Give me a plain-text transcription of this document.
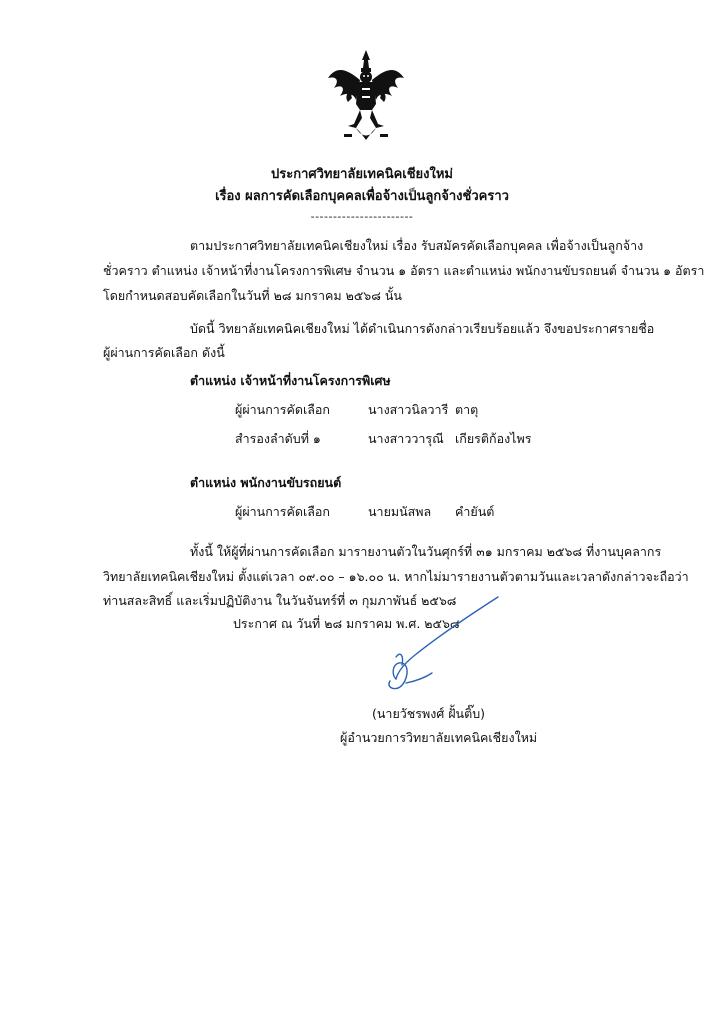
ประกาศวิทยาลัยเทคนิคเชียงใหม่
เรื่อง ผลการคัดเลือกบุคคลเพื่อจ้างเป็นลูกจ้างชั่วคราว
-----------------------
ตามประกาศวิทยาลัยเทคนิคเชียงใหม่ เรื่อง รับสมัครคัดเลือกบุคคล เพื่อจ้างเป็นลูกจ้าง
ชั่วคราว ตำแหน่ง เจ้าหน้าที่งานโครงการพิเศษ จำนวน ๑ อัตรา และตำแหน่ง พนักงานขับรถยนต์ จำนวน ๑ อัตรา
โดยกำหนดสอบคัดเลือกในวันที่ ๒๘ มกราคม ๒๕๖๘ นั้น
บัดนี้ วิทยาลัยเทคนิคเชียงใหม่ ได้ดำเนินการดังกล่าวเรียบร้อยแล้ว จึงขอประกาศรายชื่อ
ผู้ผ่านการคัดเลือก ดังนี้
ตำแหน่ง เจ้าหน้าที่งานโครงการพิเศษ
ผู้ผ่านการคัดเลือก	นางสาวนิลวารี ตาตุ
สำรองลำดับที่ ๑	นางสาววารุณี เกียรติก้องไพร
ตำแหน่ง พนักงานขับรถยนต์
ผู้ผ่านการคัดเลือก	นายมนัสพล คำยันต์
ทั้งนี้ ให้ผู้ที่ผ่านการคัดเลือก มารายงานตัวในวันศุกร์ที่ ๓๑ มกราคม ๒๕๖๘ ที่งานบุคลากร
วิทยาลัยเทคนิคเชียงใหม่ ตั้งแต่เวลา ๐๙.๐๐ – ๑๖.๐๐ น. หากไม่มารายงานตัวตามวันและเวลาดังกล่าวจะถือว่า
ท่านสละสิทธิ์ และเริ่มปฏิบัติงาน ในวันจันทร์ที่ ๓ กุมภาพันธ์ ๒๕๖๘
ประกาศ ณ วันที่ ๒๘ มกราคม พ.ศ. ๒๕๖๘
(นายวัชรพงศ์ ฝั้นติ๊บ)
ผู้อำนวยการวิทยาลัยเทคนิคเชียงใหม่
